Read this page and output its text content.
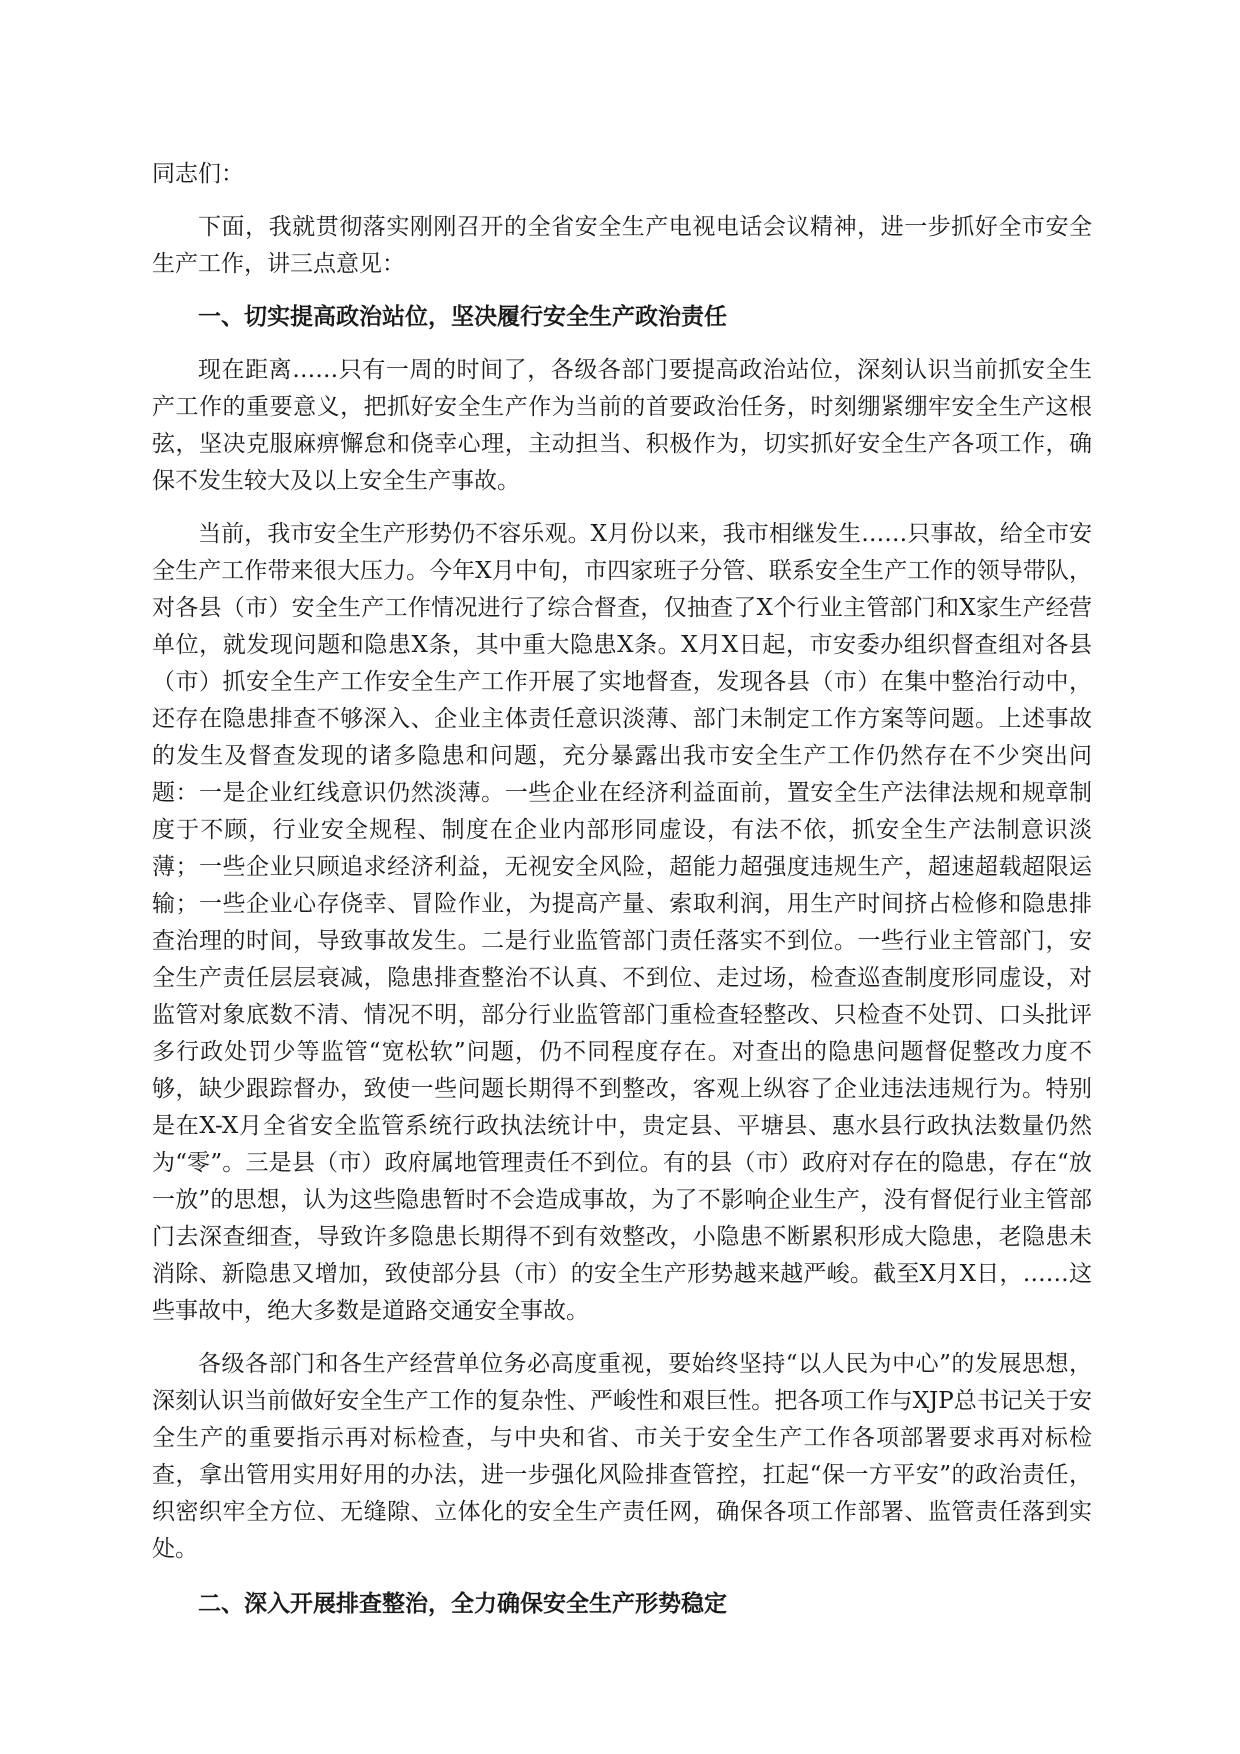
同志们：

下面，我就贯彻落实刚刚召开的全省安全生产电视电话会议精神，进一步抓好全市安全生产工作，讲三点意见：

一、切实提高政治站位，坚决履行安全生产政治责任

现在距离……只有一周的时间了，各级各部门要提高政治站位，深刻认识当前抓安全生产工作的重要意义，把抓好安全生产作为当前的首要政治任务，时刻绷紧绷牢安全生产这根弦，坚决克服麻痹懈怠和侥幸心理，主动担当、积极作为，切实抓好安全生产各项工作，确保不发生较大及以上安全生产事故。

当前，我市安全生产形势仍不容乐观。X月份以来，我市相继发生……只事故，给全市安全生产工作带来很大压力。今年X月中旬，市四家班子分管、联系安全生产工作的领导带队，对各县（市）安全生产工作情况进行了综合督查，仅抽查了X个行业主管部门和X家生产经营单位，就发现问题和隐患X条，其中重大隐患X条。X月X日起，市安委办组织督查组对各县（市）抓安全生产工作安全生产工作开展了实地督查，发现各县（市）在集中整治行动中，还存在隐患排查不够深入、企业主体责任意识淡薄、部门未制定工作方案等问题。上述事故的发生及督查发现的诸多隐患和问题，充分暴露出我市安全生产工作仍然存在不少突出问题：一是企业红线意识仍然淡薄。一些企业在经济利益面前，置安全生产法律法规和规章制度于不顾，行业安全规程、制度在企业内部形同虚设，有法不依，抓安全生产法制意识淡薄；一些企业只顾追求经济利益，无视安全风险，超能力超强度违规生产，超速超载超限运输；一些企业心存侥幸、冒险作业，为提高产量、索取利润，用生产时间挤占检修和隐患排查治理的时间，导致事故发生。二是行业监管部门责任落实不到位。一些行业主管部门，安全生产责任层层衰减，隐患排查整治不认真、不到位、走过场，检查巡查制度形同虚设，对监管对象底数不清、情况不明，部分行业监管部门重检查轻整改、只检查不处罚、口头批评多行政处罚少等监管“宽松软”问题，仍不同程度存在。对查出的隐患问题督促整改力度不够，缺少跟踪督办，致使一些问题长期得不到整改，客观上纵容了企业违法违规行为。特别是在X-X月全省安全监管系统行政执法统计中，贵定县、平塘县、惠水县行政执法数量仍然为“零”。三是县（市）政府属地管理责任不到位。有的县（市）政府对存在的隐患，存在“放一放”的思想，认为这些隐患暂时不会造成事故，为了不影响企业生产，没有督促行业主管部门去深查细查，导致许多隐患长期得不到有效整改，小隐患不断累积形成大隐患，老隐患未消除、新隐患又增加，致使部分县（市）的安全生产形势越来越严峻。截至X月X日，……这些事故中，绝大多数是道路交通安全事故。

各级各部门和各生产经营单位务必高度重视，要始终坚持“以人民为中心”的发展思想，深刻认识当前做好安全生产工作的复杂性、严峻性和艰巨性。把各项工作与XJP总书记关于安全生产的重要指示再对标检查，与中央和省、市关于安全生产工作各项部署要求再对标检查，拿出管用实用好用的办法，进一步强化风险排查管控，扛起“保一方平安”的政治责任，织密织牢全方位、无缝隙、立体化的安全生产责任网，确保各项工作部署、监管责任落到实处。

二、深入开展排查整治，全力确保安全生产形势稳定
